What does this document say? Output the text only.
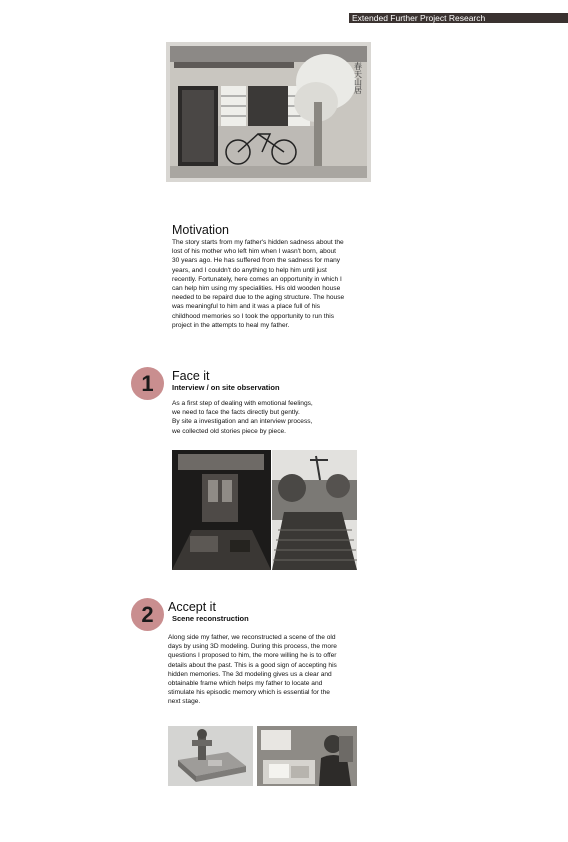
Extended Further Project Research
春天山居
Motivation

The story starts from my father's hidden sadness about the
lost of his mother who left him when I wasn't born, about
30 years ago. He has suffered from the sadness for many
years, and I couldn't do anything to help him until just
recently. Fortunately, here comes an opportunity in which I
can help him using my specialities. His old wooden house
needed to be repaird due to the aging structure. The house
was meaningful to him and it was a place full of his
childhood memories so I took the opportunity to run this
project in the attempts to heal my father.

1	Face it
Interview / on site observation

As a first step of dealing with emotional feelings,
we need to face the facts directly but gently.
By site a investigation and an interview process,
we collected old stories piece by piece.

2	Accept it
Scene reconstruction

Along side my father, we reconstructed a scene of the old
days by using 3D modeling. During this process, the more
questions I proposed to him, the more willing he is to offer
details about the past. This is a good sign of accepting his
hidden memories. The 3d modeling gives us a clear and
obtainable frame which helps my father to locate and
stimulate his episodic memory which is essential for the
next stage.
